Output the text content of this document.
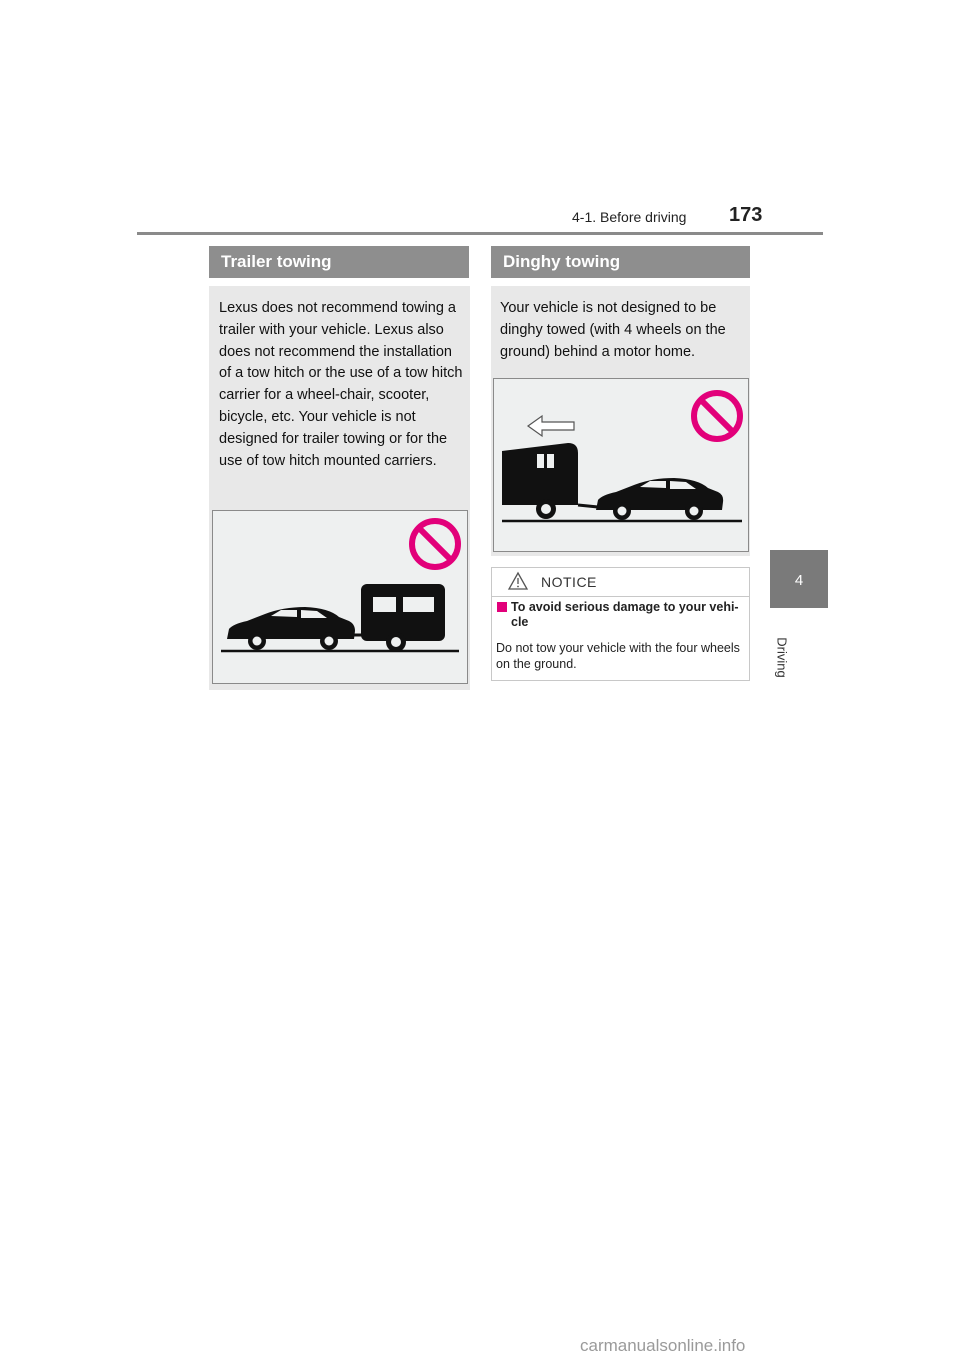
4-1. Before driving 173
4
Driving
Trailer towing
Lexus does not recommend towing a trailer with your vehicle. Lexus also does not recommend the installation of a tow hitch or the use of a tow hitch carrier for a wheel-chair, scooter, bicycle, etc. Your vehicle is not designed for trailer towing or for the use of tow hitch mounted carriers.
Dinghy towing
Your vehicle is not designed to be dinghy towed (with 4 wheels on the ground) behind a motor home.
NOTICE
To avoid serious damage to your vehi- cle
Do not tow your vehicle with the four wheels on the ground.
carmanualsonline.info
